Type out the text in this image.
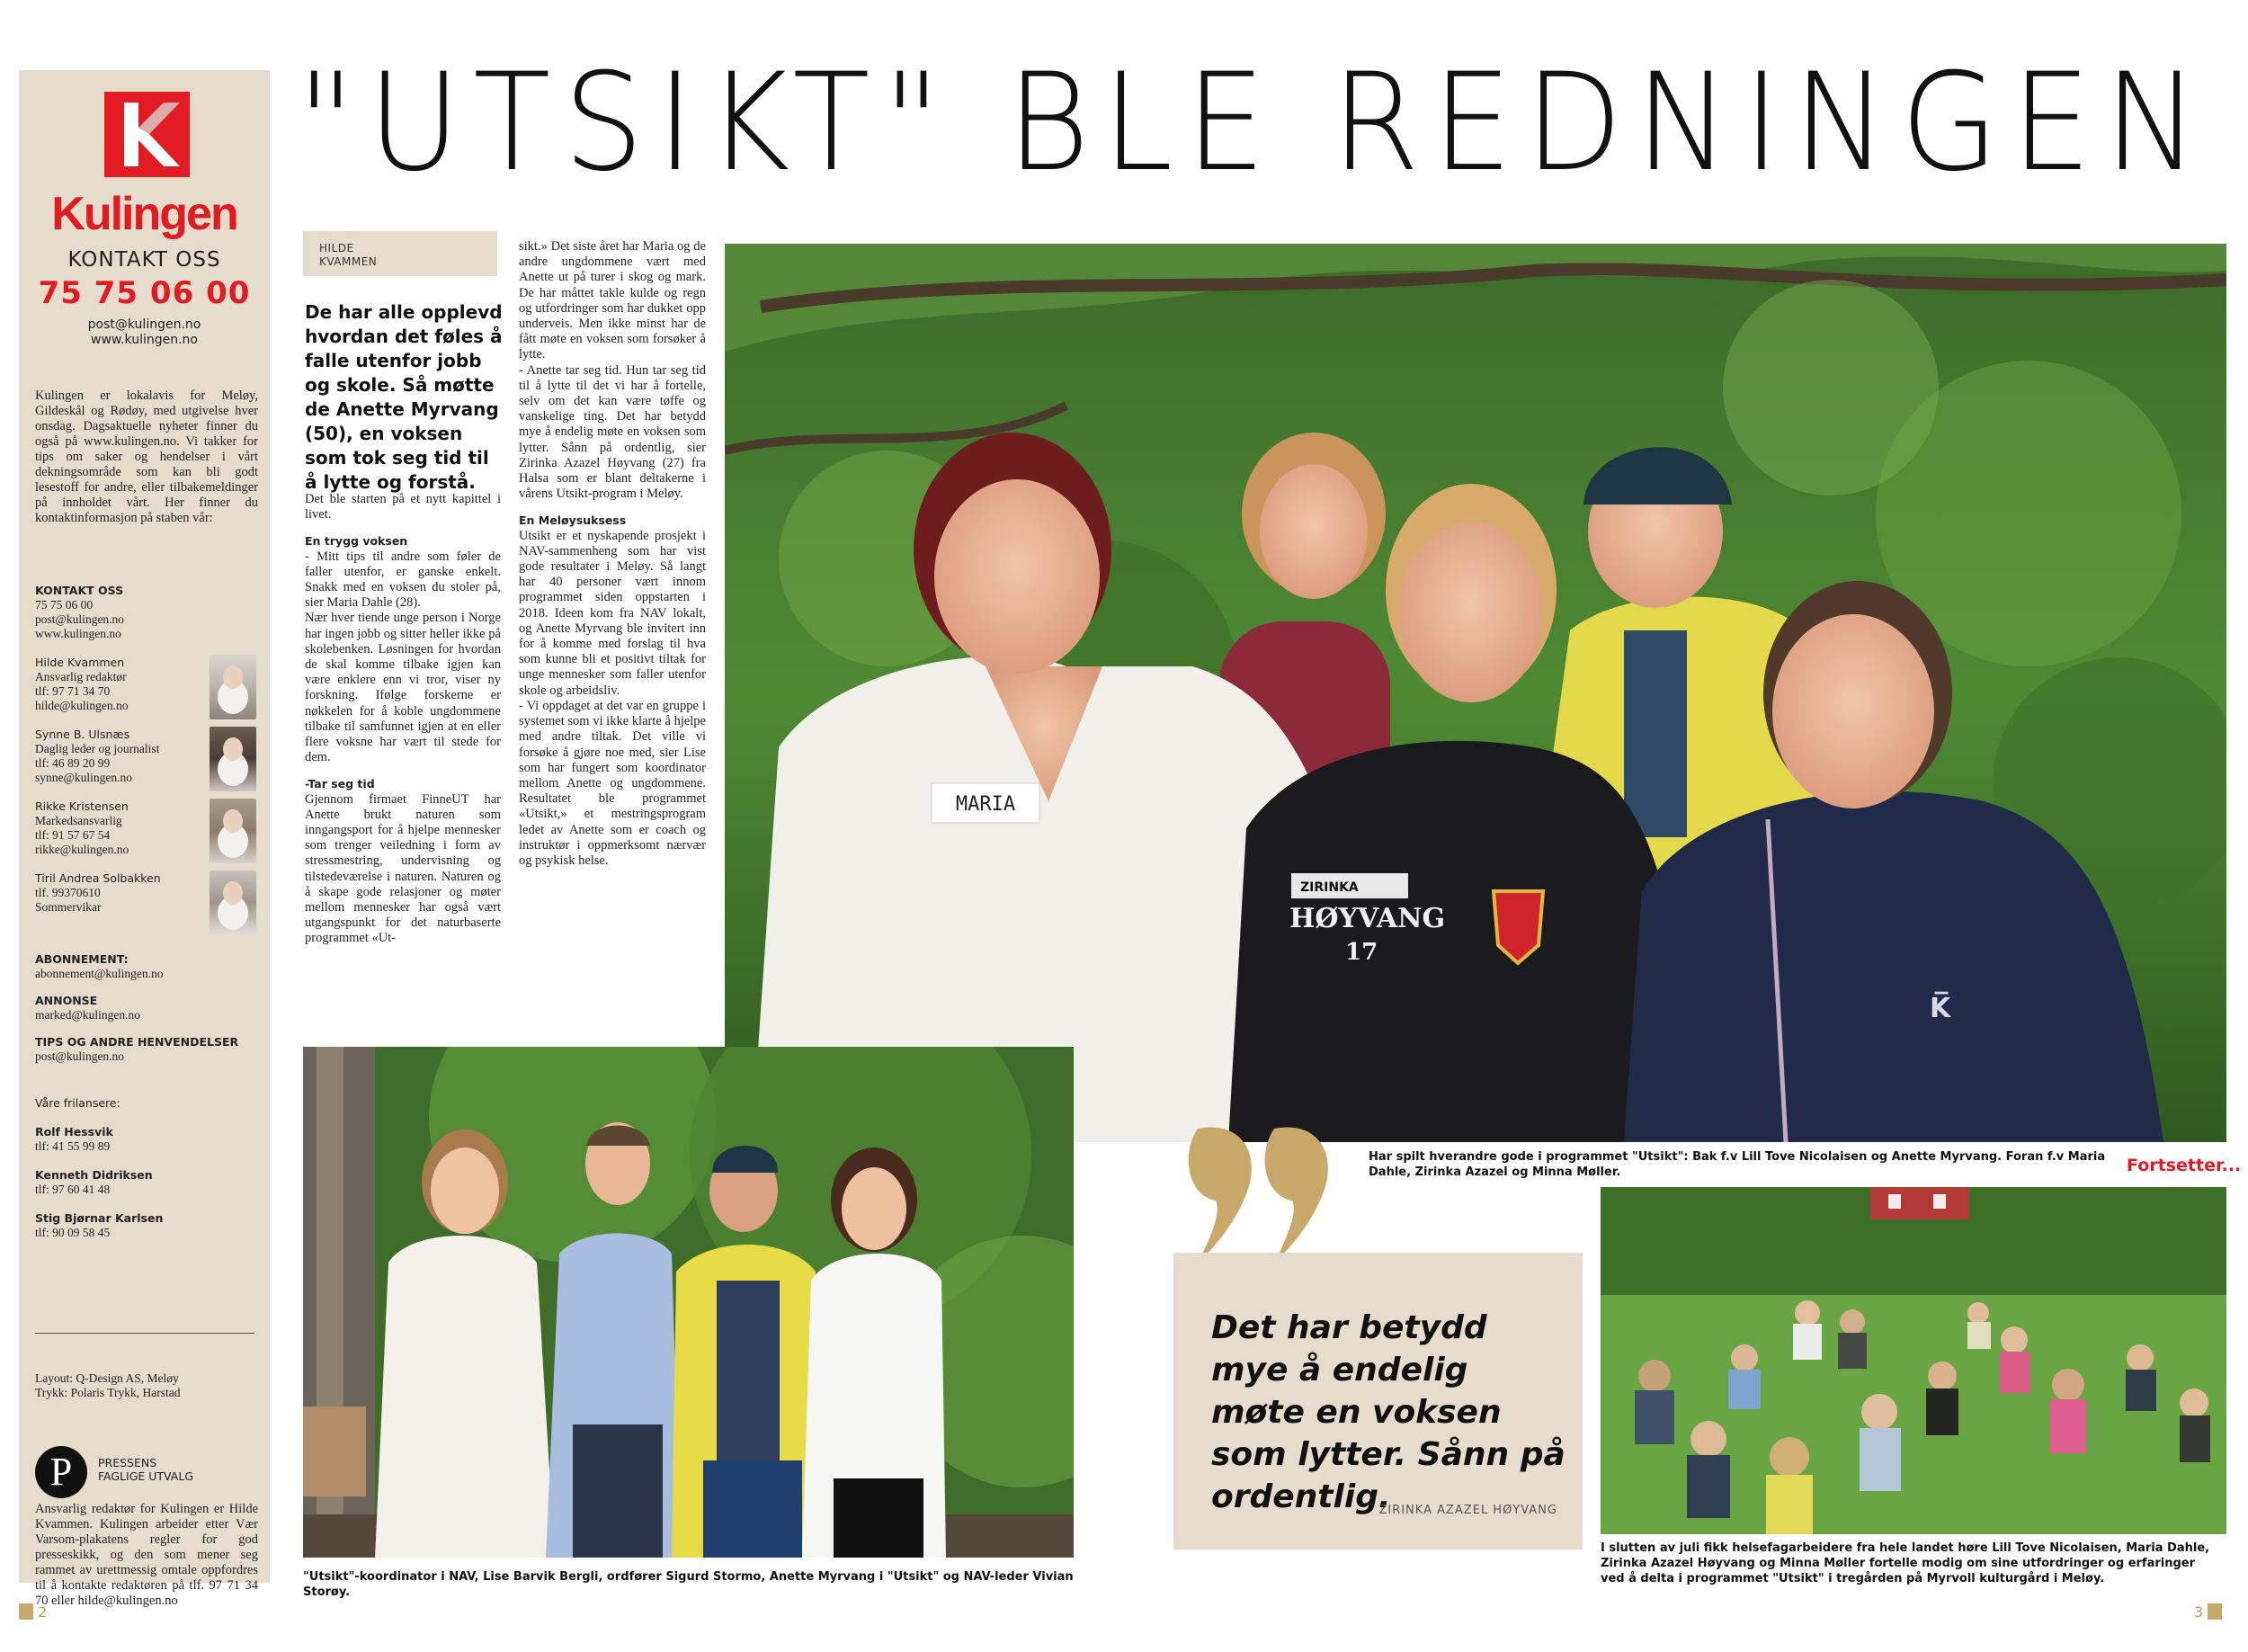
Kulingen
KONTAKT OSS
75 75 06 00
post@kulingen.no
www.kulingen.no

Kulingen er lokalavis for Meløy, Gildeskål og Rødøy, med utgivelse hver onsdag. Dagsaktuelle nyheter finner du også på www.kulingen.no. Vi takker for tips om saker og hendelser i vårt dekningsområde som kan bli godt lesestoff for andre, eller tilbakemeldinger på innholdet vårt. Her finner du kontaktinformasjon på staben vår:

KONTAKT OSS
75 75 06 00
post@kulingen.no
www.kulingen.no
Hilde Kvammen
Ansvarlig redaktør
tlf: 97 71 34 70
hilde@kulingen.no
Synne B. Ulsnæs
Daglig leder og journalist
tlf: 46 89 20 99
synne@kulingen.no
Rikke Kristensen
Markedsansvarlig
tlf: 91 57 67 54
rikke@kulingen.no
Tiril Andrea Solbakken
tlf. 99370610
Sommervikar
ABONNEMENT:
abonnement@kulingen.no
ANNONSE
marked@kulingen.no
TIPS OG ANDRE HENVENDELSER
post@kulingen.no
Våre frilansere:
Rolf Hessvik
tlf: 41 55 99 89
Kenneth Didriksen
tlf: 97 60 41 48
Stig Bjørnar Karlsen
tlf: 90 09 58 45
Layout: Q-Design AS, Meløy
Trykk: Polaris Trykk, Harstad
P	PRESSENS
FAGLIGE UTVALG

Ansvarlig redaktør for Kulingen er Hilde Kvammen. Kulingen arbeider etter Vær Varsom-plakatens regler for god presseskikk, og den som mener seg rammet av urettmessig omtale oppfordres til å kontakte redaktøren på tlf. 97 71 34 70 eller hilde@kulingen.no

"UTSIKT" BLE REDNINGEN
HILDE
KVAMMEN

De har alle opplevd hvordan det føles å falle utenfor jobb og skole. Så møtte de Anette Myrvang (50), en voksen som tok seg tid til å lytte og forstå.

Det ble starten på et nytt kapittel i livet.

En trygg voksen

- Mitt tips til andre som føler de faller utenfor, er ganske enkelt. Snakk med en voksen du stoler på, sier Maria Dahle (28).

Nær hver tiende unge person i Norge har ingen jobb og sitter heller ikke på skolebenken. Løsningen for hvordan de skal komme tilbake igjen kan være enklere enn vi tror, viser ny forskning. Ifølge forskerne er nøkkelen for å koble ungdommene tilbake til samfunnet igjen at en eller flere voksne har vært til stede for dem.

-Tar seg tid

Gjennom firmaet FinneUT har Anette brukt naturen som inngangsport for å hjelpe mennesker som trenger veiledning i form av stressmestring, undervisning og tilstedeværelse i naturen. Naturen og å skape gode relasjoner og møter mellom mennesker har også vært utgangspunkt for det naturbaserte programmet «Ut-

sikt.» Det siste året har Maria og de andre ungdommene vært med Anette ut på turer i skog og mark. De har måttet takle kulde og regn og utfordringer som har dukket opp underveis. Men ikke minst har de fått møte en voksen som forsøker å lytte.

- Anette tar seg tid. Hun tar seg tid til å lytte til det vi har å fortelle, selv om det kan være tøffe og vanskelige ting. Det har betydd mye å endelig møte en voksen som lytter. Sånn på ordentlig, sier Zirinka Azazel Høyvang (27) fra Halsa som er blant deltakerne i vårens Utsikt-program i Meløy.

En Meløysuksess

Utsikt er et nyskapende prosjekt i NAV-sammenheng som har vist gode resultater i Meløy. Så langt har 40 personer vært innom programmet siden oppstarten i 2018. Ideen kom fra NAV lokalt, og Anette Myrvang ble invitert inn for å komme med forslag til hva som kunne bli et positivt tiltak for unge mennesker som faller utenfor skole og arbeidsliv.

- Vi oppdaget at det var en gruppe i systemet som vi ikke klarte å hjelpe med andre tiltak. Det ville vi forsøke å gjøre noe med, sier Lise som har fungert som koordinator mellom Anette og ungdommene. Resultatet ble programmet «Utsikt,» et mestringsprogram ledet av Anette som er coach og instruktør i oppmerksomt nærvær og psykisk helse.

MARIA
ZIRINKA
HØYVANG
17
K̅

Det har betydd mye å endelig møte en voksen som lytter. Sånn på ordentlig.

ZIRINKA AZAZEL HØYVANG
Har spilt hverandre gode i programmet "Utsikt": Bak f.v Lill Tove Nicolaisen og Anette Myrvang. Foran f.v Maria Dahle, Zirinka Azazel og Minna Møller.	Fortsetter...
"Utsikt"-koordinator i NAV, Lise Barvik Bergli, ordfører Sigurd Stormo, Anette Myrvang i "Utsikt" og NAV-leder Vivian Storøy.
I slutten av juli fikk helsefagarbeidere fra hele landet høre Lill Tove Nicolaisen, Maria Dahle, Zirinka Azazel Høyvang og Minna Møller fortelle modig om sine utfordringer og erfaringer ved å delta i programmet "Utsikt" i tregården på Myrvoll kulturgård i Meløy.
2	3
